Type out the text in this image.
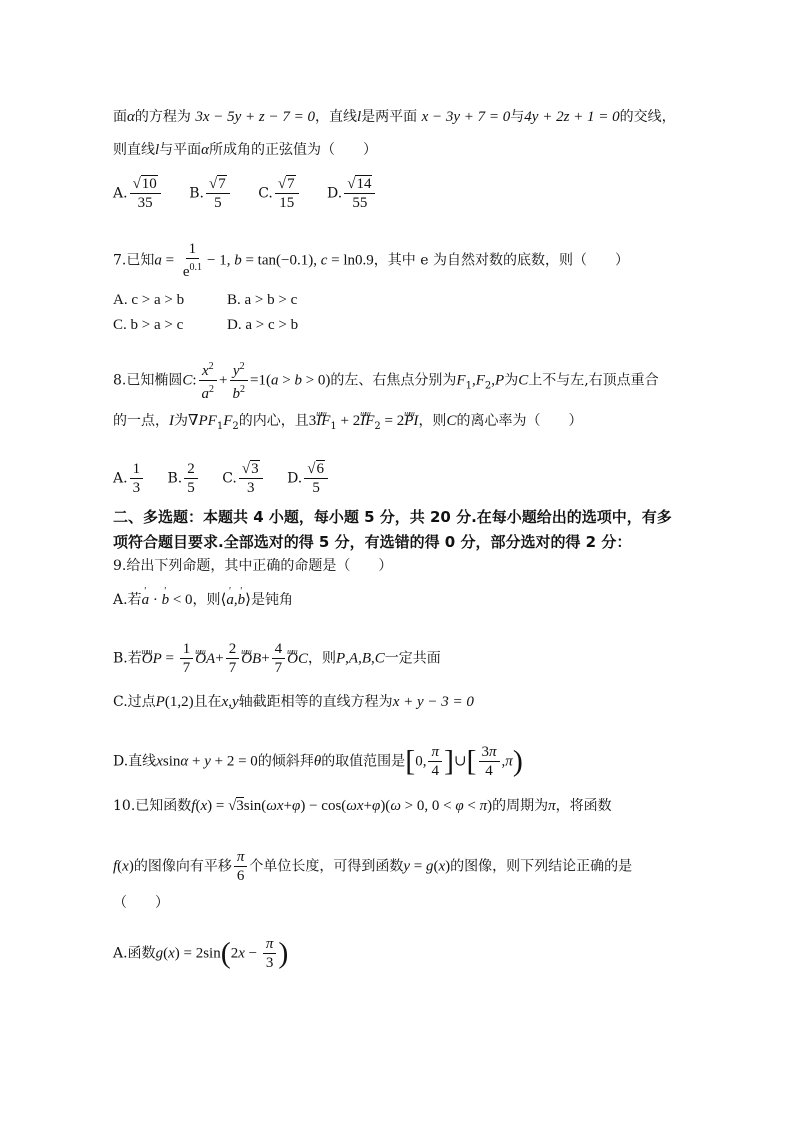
面α的方程为 3x − 5y + z − 7 = 0，直线l是两平面 x − 3y + 7 = 0与4y + 2z + 1 = 0的交线，
则直线l与平面α所成角的正弦值为（　　）
A. $\frac{√10}{35} B$. $\frac{√7}{5} C$. $\frac{√7}{15} D$. $\frac{√14}{55}$
7.已知$a = \frac{1}{e^{0.1}} - 1$, b = tan(−0.1), c = ln0.9，其中 e 为自然对数的底数，则（　　）
A. c > a > b	B. a > b > c
C. b > a > c	D. a > c > b
8.已知椭圆C: $\frac{x^2}{a^2} + \frac{y^2}{b^2} =1(a > b > 0)$的左、右焦点分别为$F_1,F_2,P$为C上不与左,右顶点重合
的一点，I为$\nabla PF_1F_2$的内心，且3ɯɯ $IF_1$ + 2ɯɯ $IF_2$ = 2ɯɯ PI，则C的离心率为（　　）
A. $\frac{1}{3} B$. $\frac{2}{5} C$. $\frac{√3}{3} D$. $\frac{√6}{5}$
二、多选题：本题共 4 小题，每小题 5 分，共 20 分.在每小题给出的选项中，有多
项符合题目要求.全部选对的得 5 分，有选错的得 0 分，部分选对的得 2 分：
9.给出下列命题，其中正确的命题是（　　）
A.若' a · ' b < 0，则⟨' a,' b⟩是钝角
B.若ɯɯ OP = $\frac{1}{7}$ ɯɯ $OA+ \frac{2}{7}$ ɯɯ $OB+ \frac{4}{7}$ ɯɯ OC，则P,A,B,C一定共面
C.过点P(1,2)且在x,y轴截距相等的直线方程为x + y − 3 = 0
D.直线xsinα + y + 2 = 0的倾斜拜θ的取值范围是[0, $\frac{\pi}{4}$ ]∪[ $\frac{3\pi}{4} ,\pi$)
10.已知函数f(x) = √3sin(ωx+φ) − cos(ωx+φ)(ω > 0, 0 < φ < π)的周期为π，将函数
f(x)的图像向有平移 $\frac{\pi}{6}$ 个单位长度，可得到函数y = g(x)的图像，则下列结论正确的是
（　　）
A.函数$g(x) = 2\sin(2x - \frac{\pi}{3}$ )
